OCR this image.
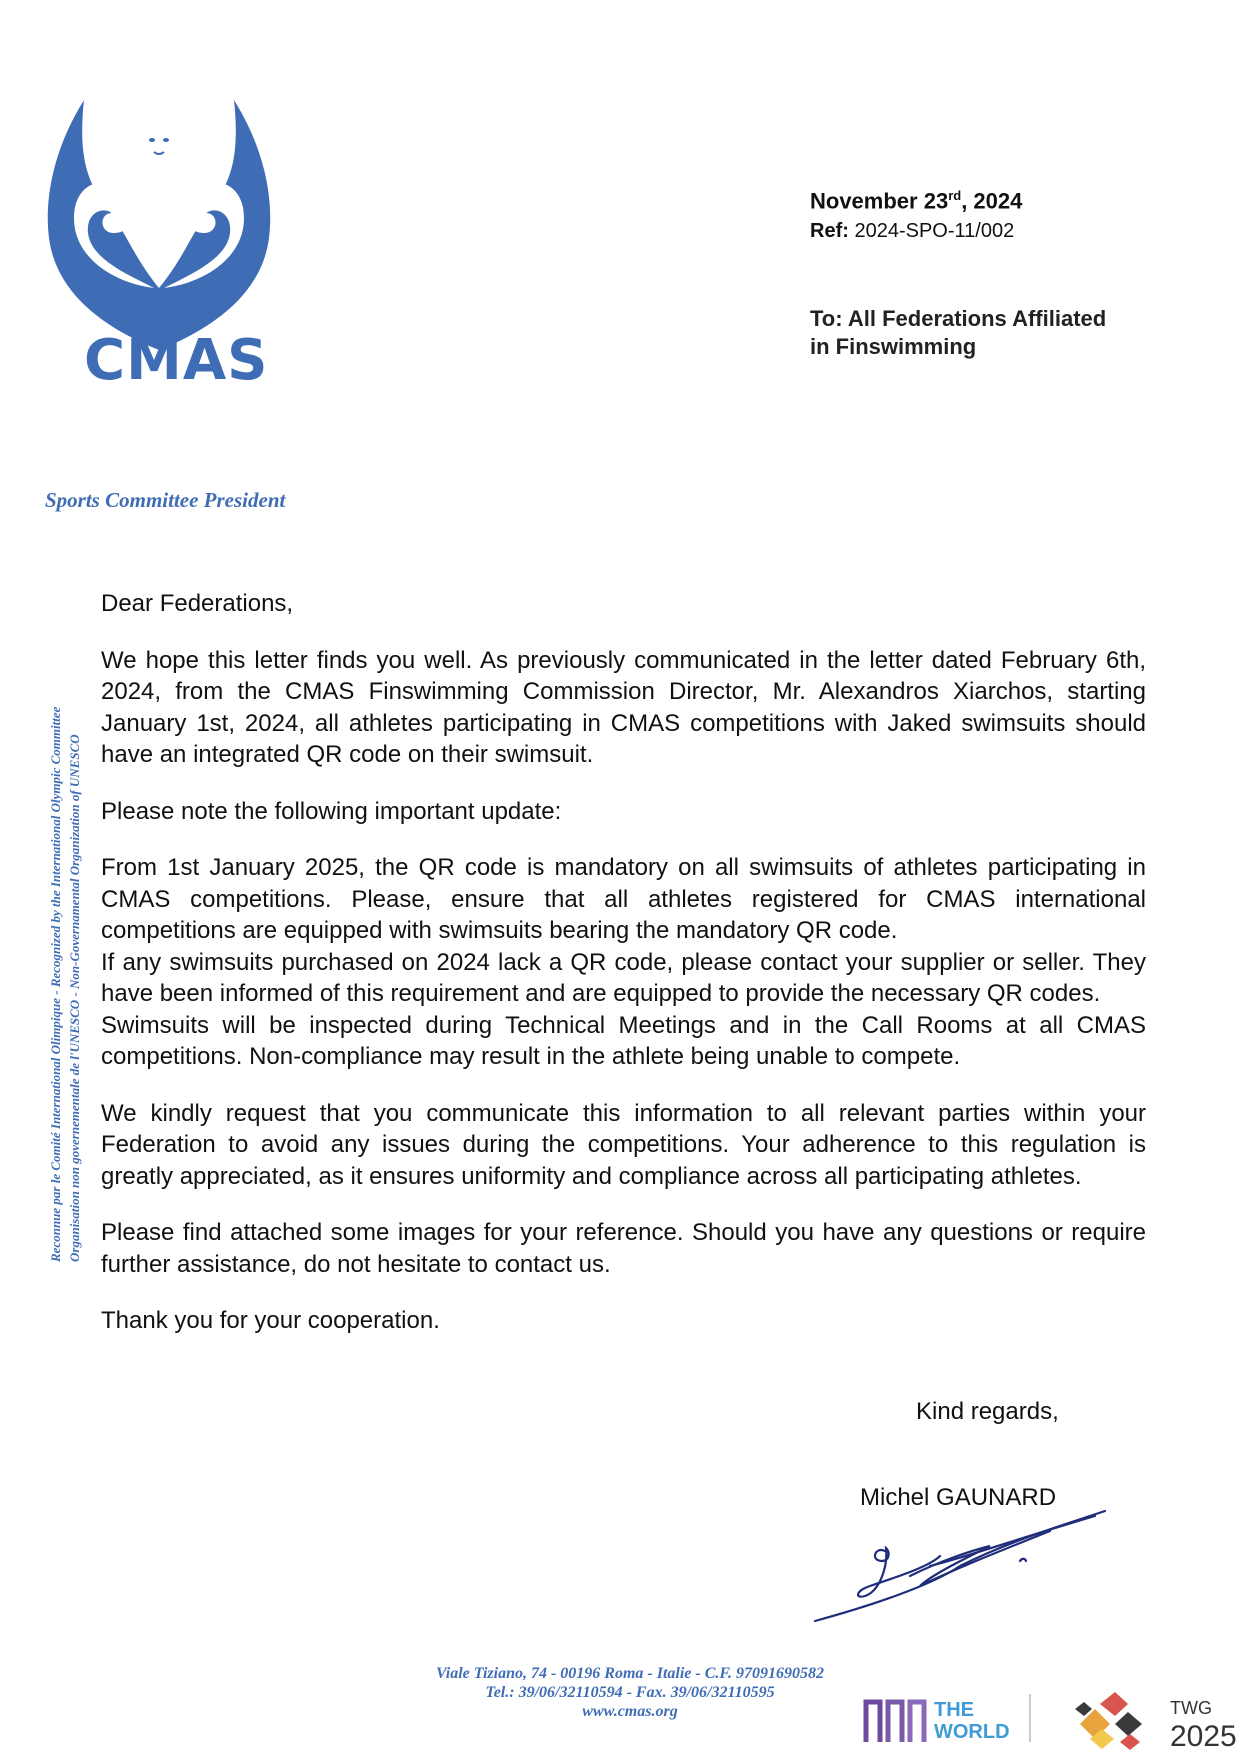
CMAS
November 23rd, 2024
Ref: 2024-SPO-11/002
To: All Federations Affiliated
in Finswimming
Sports Committee President
Reconnue par le Comité International Olimpique - Recognized by the International Olympic Committee Organisation non governementale de l'UNESCO - Non-Governamental Organization of UNESCO

Dear Federations,

We hope this letter finds you well. As previously communicated in the letter dated February 6th, 2024, from the CMAS Finswimming Commission Director, Mr. Alexandros Xiarchos, starting January 1st, 2024, all athletes participating in CMAS competitions with Jaked swimsuits should have an integrated QR code on their swimsuit.

Please note the following important update:

From 1st January 2025, the QR code is mandatory on all swimsuits of athletes participating in CMAS competitions. Please, ensure that all athletes registered for CMAS international competitions are equipped with swimsuits bearing the mandatory QR code.

If any swimsuits purchased on 2024 lack a QR code, please contact your supplier or seller. They have been informed of this requirement and are equipped to provide the necessary QR codes.

Swimsuits will be inspected during Technical Meetings and in the Call Rooms at all CMAS competitions. Non-compliance may result in the athlete being unable to compete.

We kindly request that you communicate this information to all relevant parties within your Federation to avoid any issues during the competitions. Your adherence to this regulation is greatly appreciated, as it ensures uniformity and compliance across all participating athletes.

Please find attached some images for your reference. Should you have any questions or require further assistance, do not hesitate to contact us.

Thank you for your cooperation.

Kind regards,
Michel GAUNARD
Viale Tiziano, 74 - 00196 Roma - Italie - C.F. 97091690582
Tel.: 39/06/32110594 - Fax. 39/06/32110595
www.cmas.org	THE
WORLD
TWG
2025
